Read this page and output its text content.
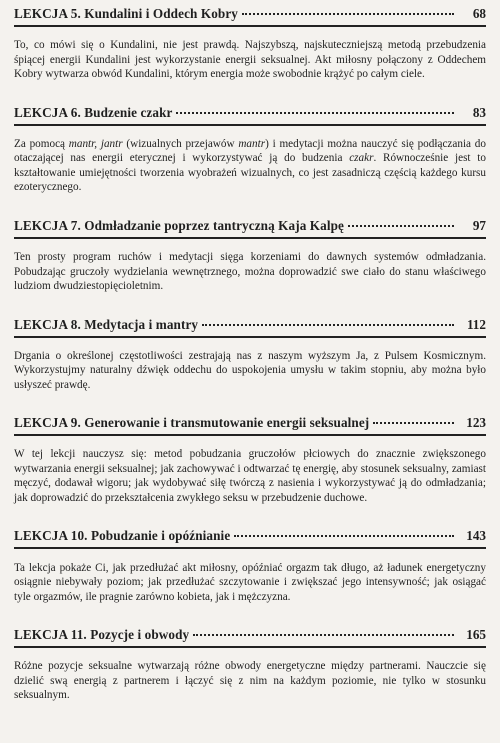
LEKCJA 5. Kundalini i Oddech Kobry	68

To, co mówi się o Kundalini, nie jest prawdą. Najszybszą, najskuteczniejszą metodą przebudzenia śpiącej energii Kundalini jest wykorzystanie energii seksualnej. Akt miłosny połączony z Oddechem Kobry wytwarza obwód Kundalini, którym energia może swobodnie krążyć po całym ciele.

LEKCJA 6. Budzenie czakr	83

Za pomocą mantr, jantr (wizualnych przejawów mantr) i medytacji można nauczyć się podłączania do otaczającej nas energii eterycznej i wykorzystywać ją do budzenia czakr. Równocześnie jest to kształtowanie umiejętności tworzenia wyobrażeń wizualnych, co jest zasadniczą częścią każdego kursu ezoterycznego.

LEKCJA 7. Odmładzanie poprzez tantryczną Kaja Kalpę	97

Ten prosty program ruchów i medytacji sięga korzeniami do dawnych systemów odmładzania. Pobudzając gruczoły wydzielania wewnętrznego, można doprowadzić swe ciało do stanu właściwego ludziom dwudziestopięcioletnim.

LEKCJA 8. Medytacja i mantry	112

Drgania o określonej częstotliwości zestrajają nas z naszym wyższym Ja, z Pulsem Kosmicznym. Wykorzystujmy naturalny dźwięk oddechu do uspokojenia umysłu w takim stopniu, aby można było usłyszeć prawdę.

LEKCJA 9. Generowanie i transmutowanie energii seksualnej	123

W tej lekcji nauczysz się: metod pobudzania gruczołów płciowych do znacznie zwiększonego wytwarzania energii seksualnej; jak zachowywać i odtwarzać tę energię, aby stosunek seksualny, zamiast męczyć, dodawał wigoru; jak wydobywać siłę twórczą z nasienia i wykorzystywać ją do odmładzania; jak doprowadzić do przekształcenia zwykłego seksu w przebudzenie duchowe.

LEKCJA 10. Pobudzanie i opóźnianie	143

Ta lekcja pokaże Ci, jak przedłużać akt miłosny, opóźniać orgazm tak długo, aż ładunek energetyczny osiągnie niebywały poziom; jak przedłużać szczytowanie i zwiększać jego intensywność; jak osiągać tyle orgazmów, ile pragnie zarówno kobieta, jak i mężczyzna.

LEKCJA 11. Pozycje i obwody	165

Różne pozycje seksualne wytwarzają różne obwody energetyczne między partnerami. Nauczcie się dzielić swą energią z partnerem i łączyć się z nim na każdym poziomie, nie tylko w stosunku seksualnym.
